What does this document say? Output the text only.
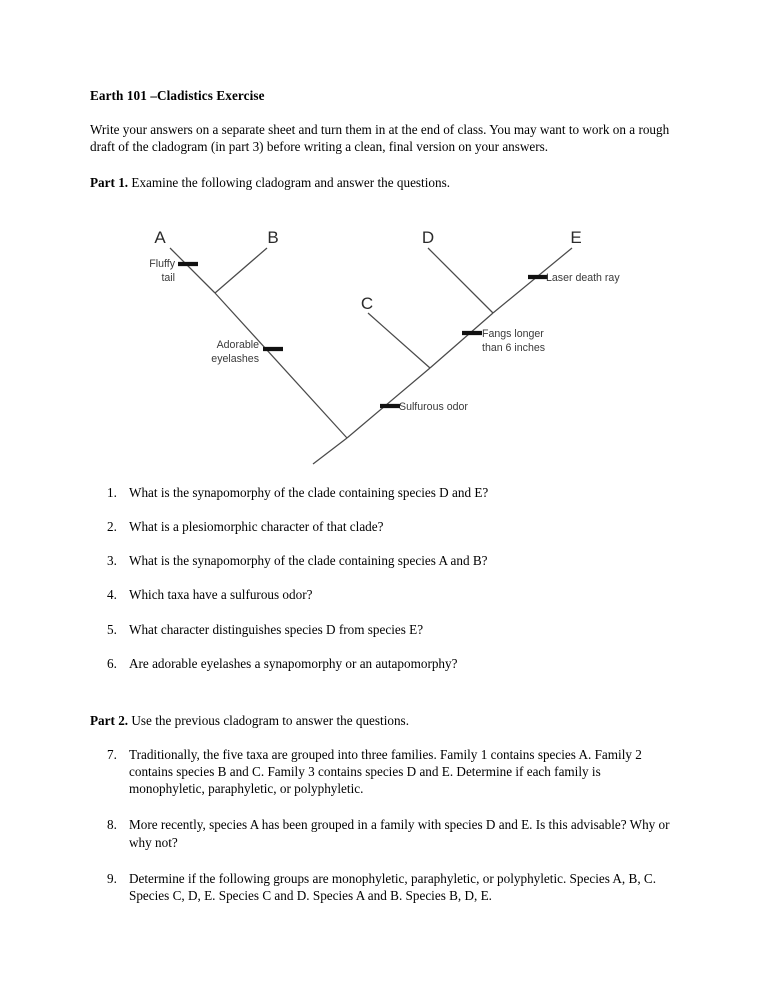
Earth 101 –Cladistics Exercise

Write your answers on a separate sheet and turn them in at the end of class. You may want to work on a rough draft of the cladogram (in part 3) before writing a clean, final version on your answers.

Part 1. Examine the following cladogram and answer the questions.

A	B
C
D	E
Fluffy
tail
Adorable
eyelashes
Sulfurous odor
Fangs longer
than 6 inches
Laser death ray
1. What is the synapomorphy of the clade containing species D and E?
2. What is a plesiomorphic character of that clade?
3. What is the synapomorphy of the clade containing species A and B?
4. Which taxa have a sulfurous odor?
5. What character distinguishes species D from species E?
6. Are adorable eyelashes a synapomorphy or an autapomorphy?

Part 2. Use the previous cladogram to answer the questions.

7. Traditionally, the five taxa are grouped into three families. Family 1 contains species A. Family 2 contains species B and C. Family 3 contains species D and E. Determine if each family is monophyletic, paraphyletic, or polyphyletic.
8. More recently, species A has been grouped in a family with species D and E. Is this advisable? Why or why not?
9. Determine if the following groups are monophyletic, paraphyletic, or polyphyletic. Species A, B, C. Species C, D, E. Species C and D. Species A and B. Species B, D, E.
